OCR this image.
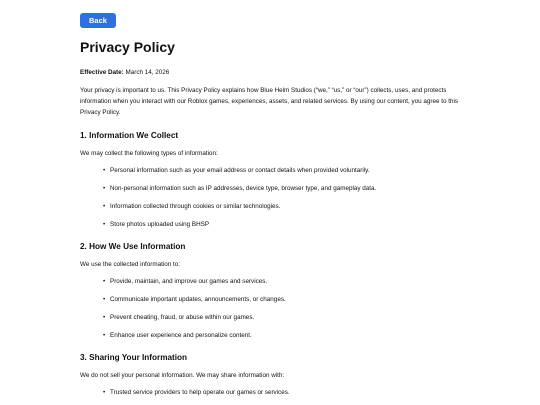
Back
Privacy Policy

Effective Date: March 14, 2026

Your privacy is important to us. This Privacy Policy explains how Blue Helm Studios (“we,” “us,” or “our”) collects, uses, and protects information when you interact with our Roblox games, experiences, assets, and related services. By using our content, you agree to this Privacy Policy.

1. Information We Collect

We may collect the following types of information:

• Personal information such as your email address or contact details when provided voluntarily.
• Non-personal information such as IP addresses, device type, browser type, and gameplay data.
• Information collected through cookies or similar technologies.
• Store photos uploaded using BHSP
2. How We Use Information

We use the collected information to:

• Provide, maintain, and improve our games and services.
• Communicate important updates, announcements, or changes.
• Prevent cheating, fraud, or abuse within our games.
• Enhance user experience and personalize content.
3. Sharing Your Information

We do not sell your personal information. We may share information with:

• Trusted service providers to help operate our games or services.
